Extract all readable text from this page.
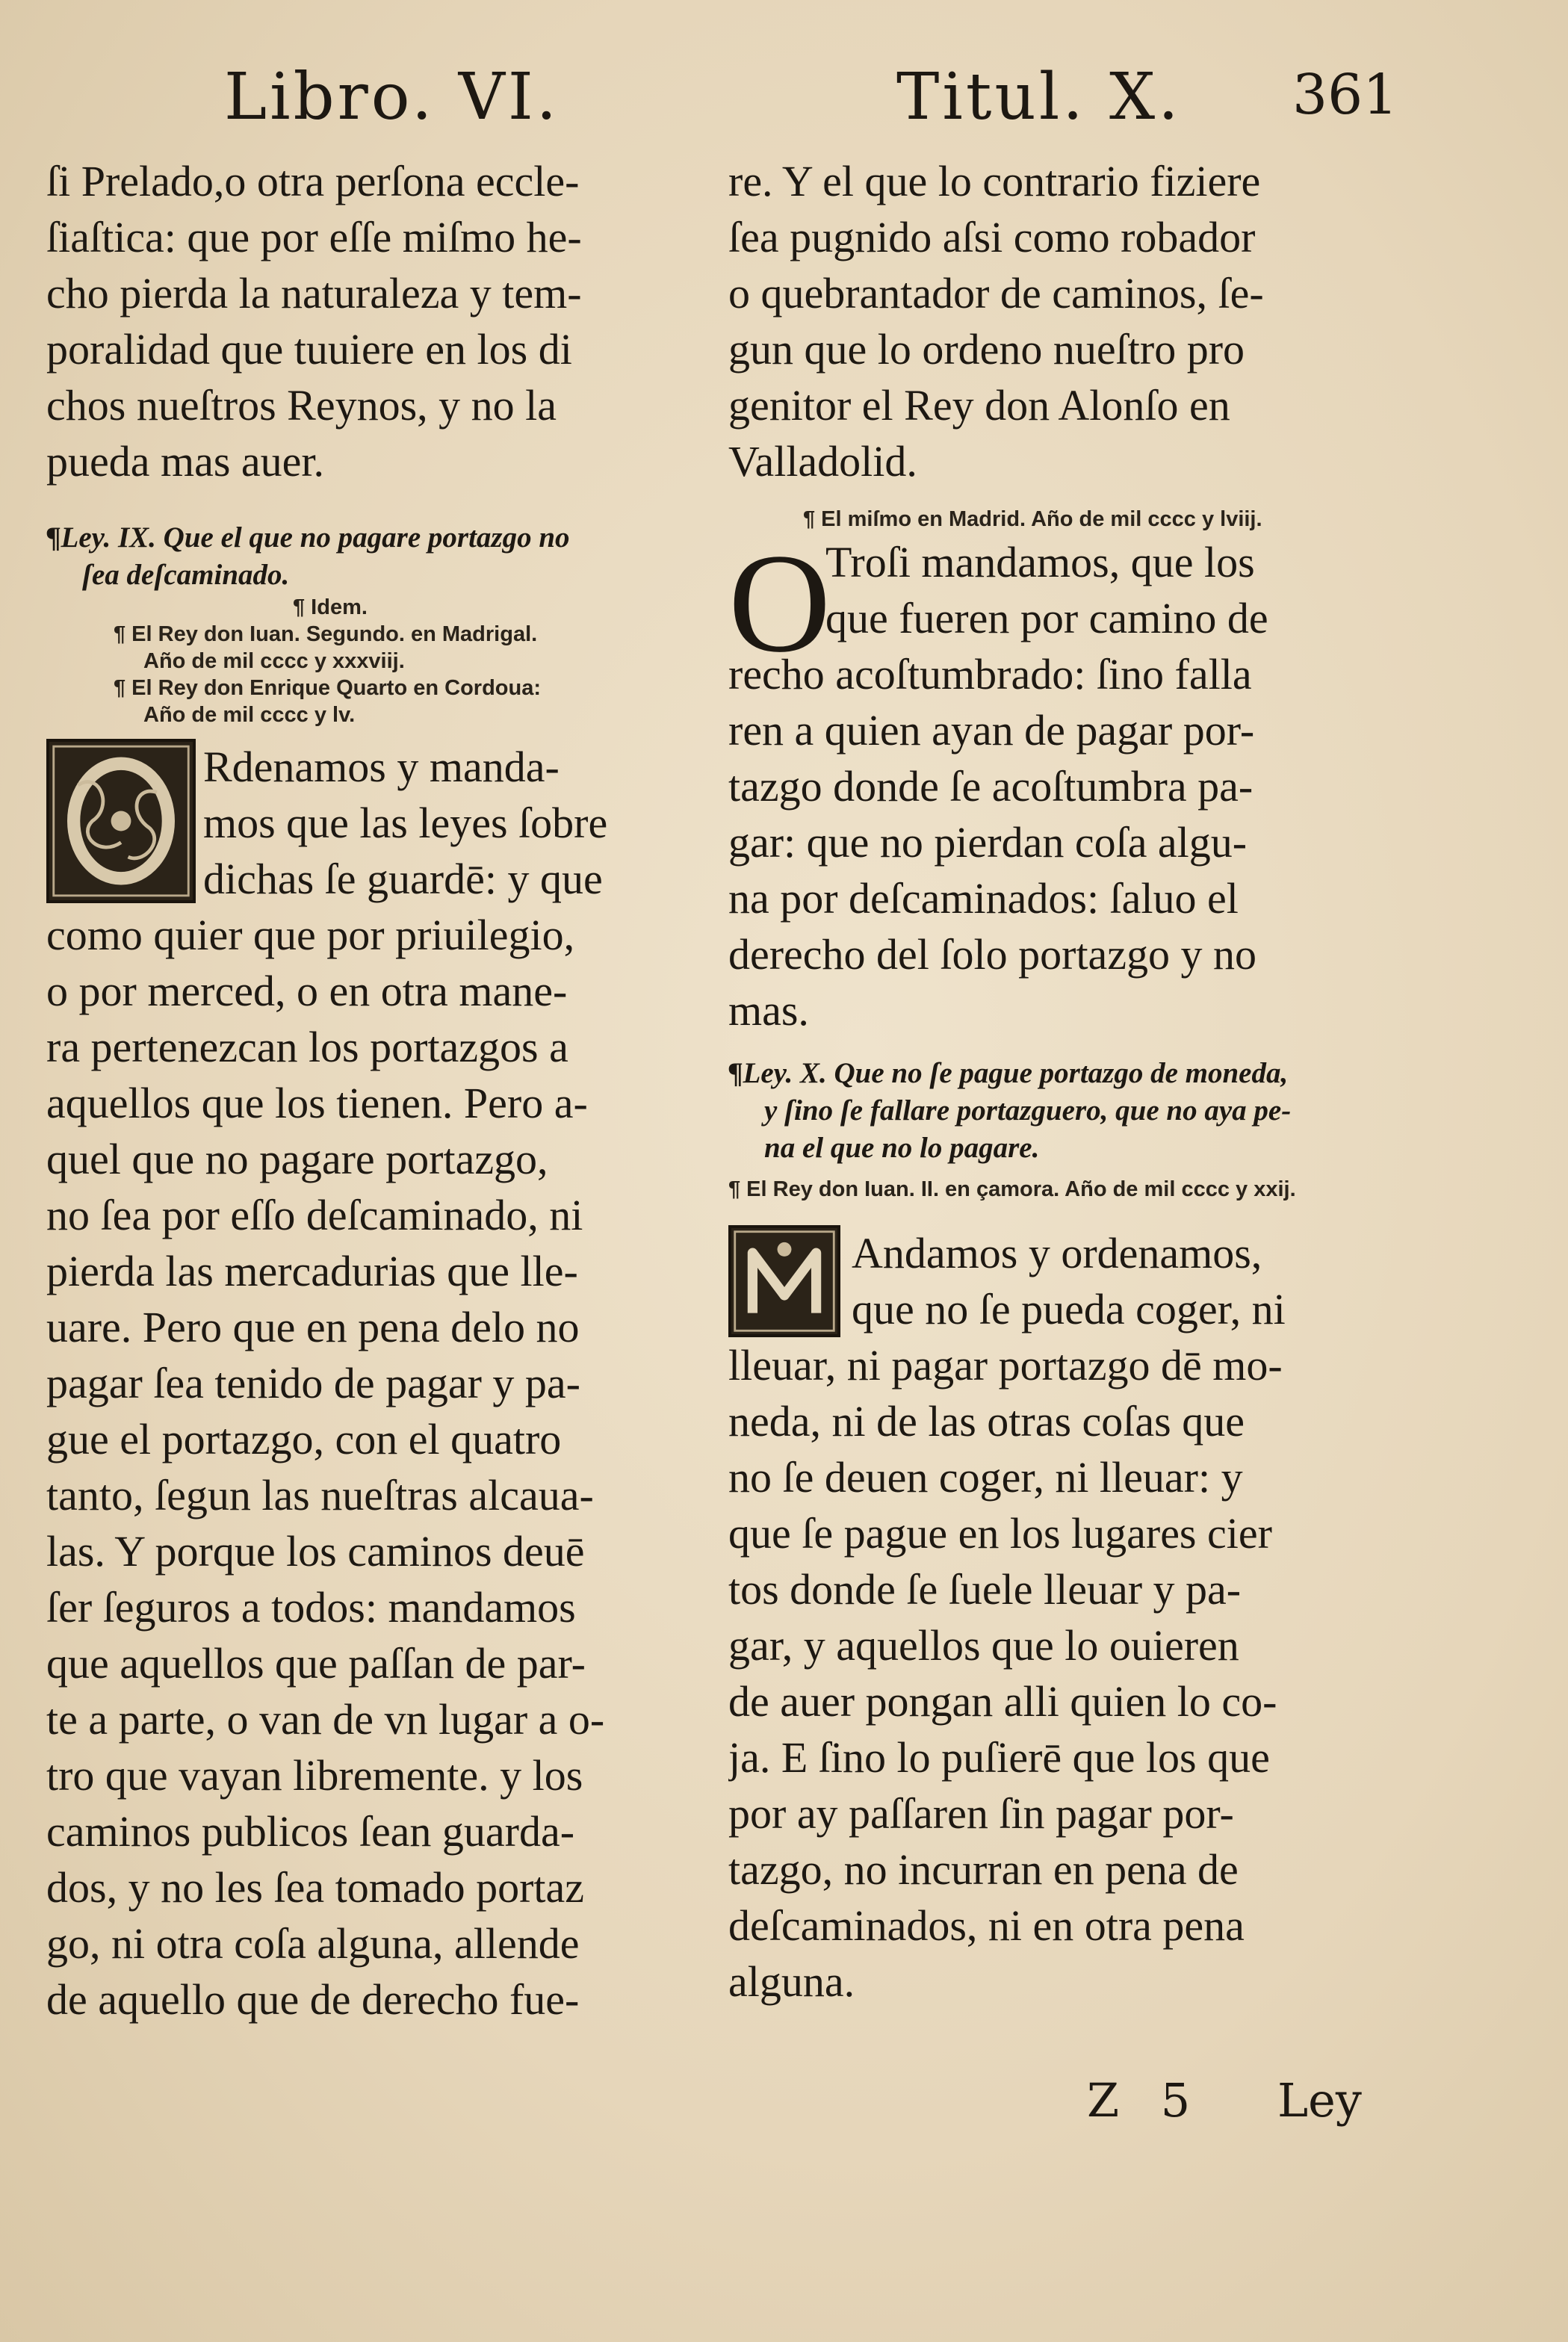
Libro. VI.	Titul. X. 361
ſi Prelado,o otra perſona eccle-
ſiaſtica: que por eſſe miſmo he-
cho pierda la naturaleza y tem-
poralidad que tuuiere en los di
chos nueſtros Reynos, y no la
pueda mas auer.
¶Ley. IX. Que el que no pagare portazgo no
ſea deſcaminado.
¶ Idem.
¶ El Rey don Iuan. Segundo. en Madrigal.
Año de mil cccc y xxxviij.
¶ El Rey don Enrique Quarto en Cordoua:
Año de mil cccc y lv.
Rdenamos y manda-
mos que las leyes ſobre
dichas ſe guardē: y que
como quier que por priuilegio,
o por merced, o en otra mane-
ra pertenezcan los portazgos a
aquellos que los tienen. Pero a-
quel que no pagare portazgo,
no ſea por eſſo deſcaminado, ni
pierda las mercadurias que lle-
uare. Pero que en pena delo no
pagar ſea tenido de pagar y pa-
gue el portazgo, con el quatro
tanto, ſegun las nueſtras alcaua-
las. Y porque los caminos deuē
ſer ſeguros a todos: mandamos
que aquellos que paſſan de par-
te a parte, o van de vn lugar a o-
tro que vayan libremente. y los
caminos publicos ſean guarda-
dos, y no les ſea tomado portaz
go, ni otra coſa alguna, allende
de aquello que de derecho fue-
re. Y el que lo contrario fiziere
ſea pugnido aſsi como robador
o quebrantador de caminos, ſe-
gun que lo ordeno nueſtro pro
genitor el Rey don Alonſo en
Valladolid.
¶ El miſmo en Madrid. Año de mil cccc y lviij.
O
Troſi mandamos, que los
que fueren por camino de
recho acoſtumbrado: ſino falla
ren a quien ayan de pagar por-
tazgo donde ſe acoſtumbra pa-
gar: que no pierdan coſa algu-
na por deſcaminados: ſaluo el
derecho del ſolo portazgo y no
mas.
¶Ley. X. Que no ſe pague portazgo de moneda,
y ſino ſe fallare portazguero, que no aya pe-
na el que no lo pagare.
¶ El Rey don Iuan. II. en çamora. Año de mil cccc y xxij.
Andamos y ordenamos,
que no ſe pueda coger, ni
lleuar, ni pagar portazgo dē mo-
neda, ni de las otras coſas que
no ſe deuen coger, ni lleuar: y
que ſe pague en los lugares cier
tos donde ſe ſuele lleuar y pa-
gar, y aquellos que lo ouieren
de auer pongan alli quien lo co-
ja. E ſino lo puſierē que los que
por ay paſſaren ſin pagar por-
tazgo, no incurran en pena de
deſcaminados, ni en otra pena
alguna.
Z 5 Ley
